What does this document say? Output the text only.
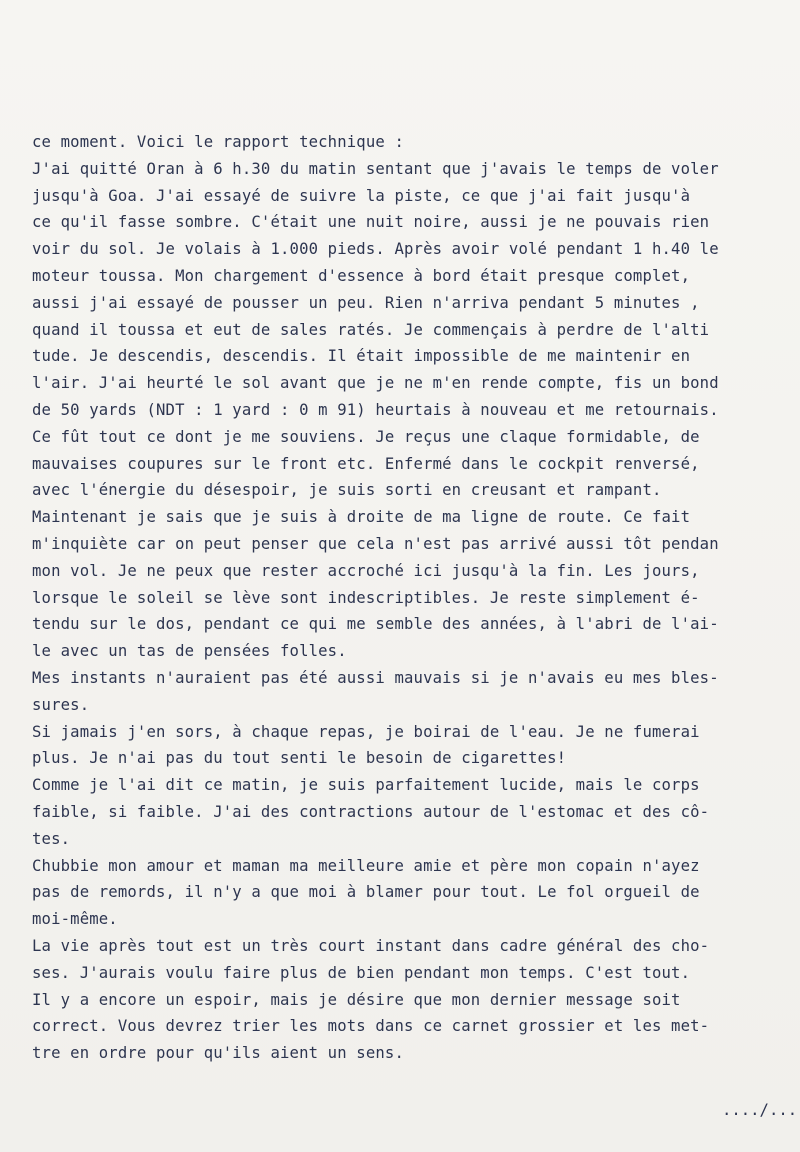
ce moment. Voici le rapport technique :
J'ai quitté Oran à 6 h.30 du matin sentant que j'avais le temps de voler
jusqu'à Goa. J'ai essayé de suivre la piste, ce que j'ai fait jusqu'à
ce qu'il fasse sombre. C'était une nuit noire, aussi je ne pouvais rien
voir du sol. Je volais à 1.000 pieds. Après avoir volé pendant 1 h.40 le
moteur toussa. Mon chargement d'essence à bord était presque complet,
aussi j'ai essayé de pousser un peu. Rien n'arriva pendant 5 minutes ,
quand il toussa et eut de sales ratés. Je commençais à perdre de l'alti
tude. Je descendis, descendis. Il était impossible de me maintenir en
l'air. J'ai heurté le sol avant que je ne m'en rende compte, fis un bond
de 50 yards (NDT : 1 yard : 0 m 91) heurtais à nouveau et me retournais.
Ce fût tout ce dont je me souviens. Je reçus une claque formidable, de
mauvaises coupures sur le front etc. Enfermé dans le cockpit renversé,
avec l'énergie du désespoir, je suis sorti en creusant et rampant.
Maintenant je sais que je suis à droite de ma ligne de route. Ce fait
m'inquiète car on peut penser que cela n'est pas arrivé aussi tôt pendan
mon vol. Je ne peux que rester accroché ici jusqu'à la fin. Les jours,
lorsque le soleil se lève sont indescriptibles. Je reste simplement é-
tendu sur le dos, pendant ce qui me semble des années, à l'abri de l'ai-
le avec un tas de pensées folles.
Mes instants n'auraient pas été aussi mauvais si je n'avais eu mes bles-
sures.
Si jamais j'en sors, à chaque repas, je boirai de l'eau. Je ne fumerai
plus. Je n'ai pas du tout senti le besoin de cigarettes!
Comme je l'ai dit ce matin, je suis parfaitement lucide, mais le corps
faible, si faible. J'ai des contractions autour de l'estomac et des cô-
tes.
Chubbie mon amour et maman ma meilleure amie et père mon copain n'ayez
pas de remords, il n'y a que moi à blamer pour tout. Le fol orgueil de
moi-même.
La vie après tout est un très court instant dans cadre général des cho-
ses. J'aurais voulu faire plus de bien pendant mon temps. C'est tout.
Il y a encore un espoir, mais je désire que mon dernier message soit
correct. Vous devrez trier les mots dans ce carnet grossier et les met-
tre en ordre pour qu'ils aient un sens.
..../...
